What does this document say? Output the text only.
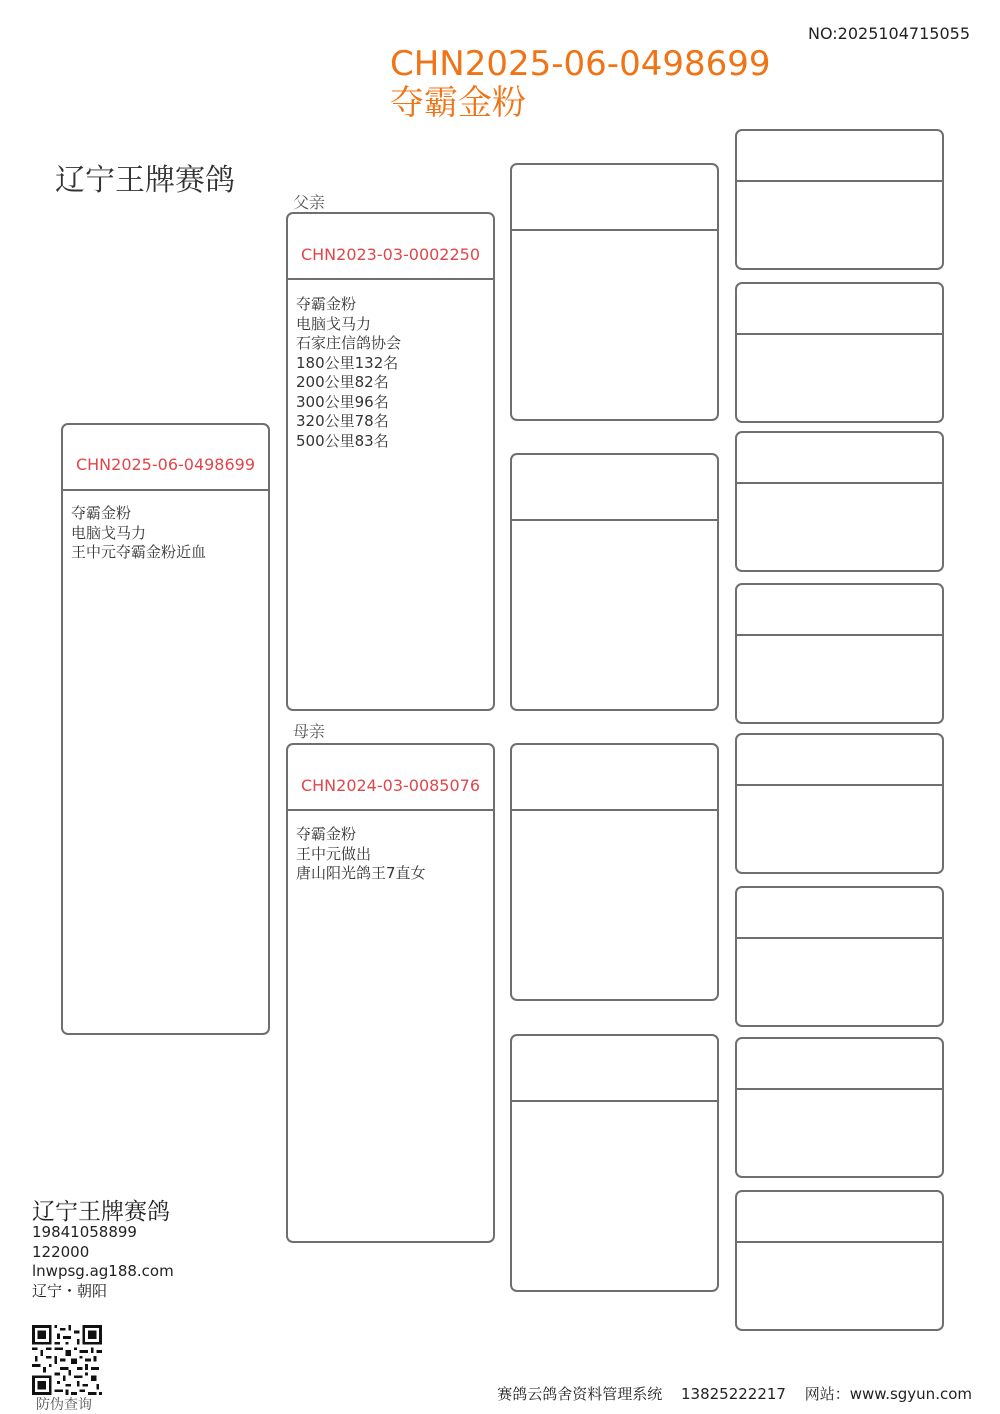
NO:2025104715055
CHN2025-06-0498699
夺霸金粉
辽宁王牌赛鸽
CHN2025-06-0498699
夺霸金粉
电脑戈马力
王中元夺霸金粉近血
父亲
CHN2023-03-0002250
夺霸金粉
电脑戈马力
石家庄信鸽协会
180公里132名
200公里82名
300公里96名
320公里78名
500公里83名
母亲
CHN2024-03-0085076
夺霸金粉
王中元做出
唐山阳光鸽王7直女
辽宁王牌赛鸽
19841058899
122000
lnwpsg.ag188.com
辽宁・朝阳
防伪查询
赛鸽云鸽舍资料管理系统 13825222217 网站：www.sgyun.com
